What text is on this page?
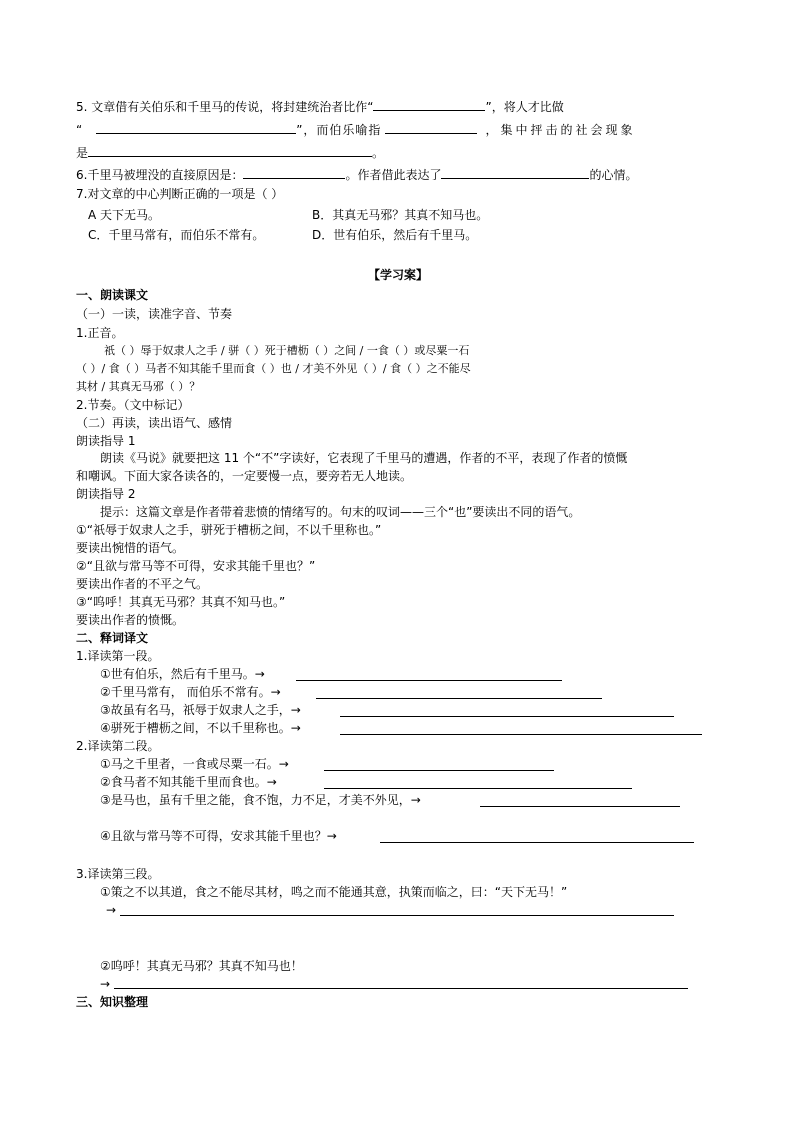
5. 文章借有关伯乐和千里马的传说，将封建统治者比作“	”，将人才比做
“	”，而伯乐喻指	，集中抨击的社会现象
是	。
6.千里马被埋没的直接原因是：	。作者借此表达了	的心情。
7.对文章的中心判断正确的一项是（ ）
A 天下无马。	B．其真无马邪？其真不知马也。
C．千里马常有，而伯乐不常有。	D．世有伯乐，然后有千里马。
【学习案】
一、朗读课文
（一）一读，读准字音、节奏
1.正音。
祇（ ）辱于奴隶人之手 / 骈（ ）死于槽枥（ ）之间 / 一食（ ）或尽粟一石
（ ）/ 食（ ）马者不知其能千里而食（ ）也 / 才美不外见（ ）/ 食（ ）之不能尽
其材 / 其真无马邪（ ）？
2.节奏。（文中标记）
（二）再读，读出语气、感情
朗读指导 1
朗读《马说》就要把这 11 个“不”字读好，它表现了千里马的遭遇，作者的不平，表现了作者的愤慨
和嘲讽。下面大家各读各的，一定要慢一点，要旁若无人地读。
朗读指导 2
提示：这篇文章是作者带着悲愤的情绪写的。句末的叹词——三个“也”要读出不同的语气。
①“祇辱于奴隶人之手，骈死于槽枥之间，不以千里称也。”
要读出惋惜的语气。
②“且欲与常马等不可得，安求其能千里也？”
要读出作者的不平之气。
③“呜呼！其真无马邪？其真不知马也。”
要读出作者的愤慨。
二、释词译文
1.译读第一段。
①世有伯乐，然后有千里马。→
②千里马常有， 而伯乐不常有。→
③故虽有名马，祇辱于奴隶人之手，→
④骈死于槽枥之间，不以千里称也。→
2.译读第二段。
①马之千里者，一食或尽粟一石。→
②食马者不知其能千里而食也。→
③是马也，虽有千里之能，食不饱，力不足，才美不外见，→
④且欲与常马等不可得，安求其能千里也？→
3.译读第三段。
①策之不以其道，食之不能尽其材，鸣之而不能通其意，执策而临之，曰：“天下无马！”
→
②呜呼！其真无马邪？其真不知马也！
→
三、知识整理
